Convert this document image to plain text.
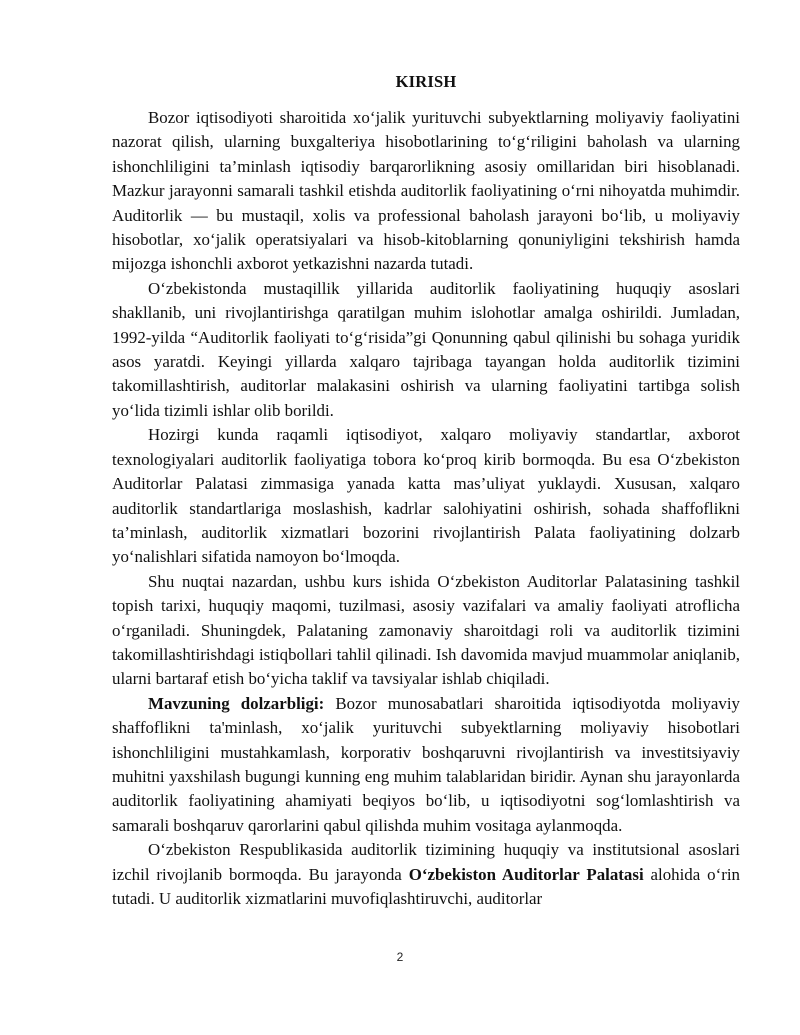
KIRISH

Bozor iqtisodiyoti sharoitida xo‘jalik yurituvchi subyektlarning moliyaviy faoliyatini nazorat qilish, ularning buxgalteriya hisobotlarining to‘g‘riligini baholash va ularning ishonchliligini ta’minlash iqtisodiy barqarorlikning asosiy omillaridan biri hisoblanadi. Mazkur jarayonni samarali tashkil etishda auditorlik faoliyatining o‘rni nihoyatda muhimdir. Auditorlik — bu mustaqil, xolis va professional baholash jarayoni bo‘lib, u moliyaviy hisobotlar, xo‘jalik operatsiyalari va hisob-kitoblarning qonuniyligini tekshirish hamda mijozga ishonchli axborot yetkazishni nazarda tutadi.

O‘zbekistonda mustaqillik yillarida auditorlik faoliyatining huquqiy asoslari shakllanib, uni rivojlantirishga qaratilgan muhim islohotlar amalga oshirildi. Jumladan, 1992-yilda “Auditorlik faoliyati to‘g‘risida”gi Qonunning qabul qilinishi bu sohaga yuridik asos yaratdi. Keyingi yillarda xalqaro tajribaga tayangan holda auditorlik tizimini takomillashtirish, auditorlar malakasini oshirish va ularning faoliyatini tartibga solish yo‘lida tizimli ishlar olib borildi.

Hozirgi kunda raqamli iqtisodiyot, xalqaro moliyaviy standartlar, axborot texnologiyalari auditorlik faoliyatiga tobora ko‘proq kirib bormoqda. Bu esa O‘zbekiston Auditorlar Palatasi zimmasiga yanada katta mas’uliyat yuklaydi. Xususan, xalqaro auditorlik standartlariga moslashish, kadrlar salohiyatini oshirish, sohada shaffoflikni ta’minlash, auditorlik xizmatlari bozorini rivojlantirish Palata faoliyatining dolzarb yo‘nalishlari sifatida namoyon bo‘lmoqda.

Shu nuqtai nazardan, ushbu kurs ishida O‘zbekiston Auditorlar Palatasining tashkil topish tarixi, huquqiy maqomi, tuzilmasi, asosiy vazifalari va amaliy faoliyati atroflicha o‘rganiladi. Shuningdek, Palataning zamonaviy sharoitdagi roli va auditorlik tizimini takomillashtirishdagi istiqbollari tahlil qilinadi. Ish davomida mavjud muammolar aniqlanib, ularni bartaraf etish bo‘yicha taklif va tavsiyalar ishlab chiqiladi.

Mavzuning dolzarbligi: Bozor munosabatlari sharoitida iqtisodiyotda moliyaviy shaffoflikni ta'minlash, xo‘jalik yurituvchi subyektlarning moliyaviy hisobotlari ishonchliligini mustahkamlash, korporativ boshqaruvni rivojlantirish va investitsiyaviy muhitni yaxshilash bugungi kunning eng muhim talablaridan biridir. Aynan shu jarayonlarda auditorlik faoliyatining ahamiyati beqiyos bo‘lib, u iqtisodiyotni sog‘lomlashtirish va samarali boshqaruv qarorlarini qabul qilishda muhim vositaga aylanmoqda.

O‘zbekiston Respublikasida auditorlik tizimining huquqiy va institutsional asoslari izchil rivojlanib bormoqda. Bu jarayonda O‘zbekiston Auditorlar Palatasi alohida o‘rin tutadi. U auditorlik xizmatlarini muvofiqlashtiruvchi, auditorlar

2
